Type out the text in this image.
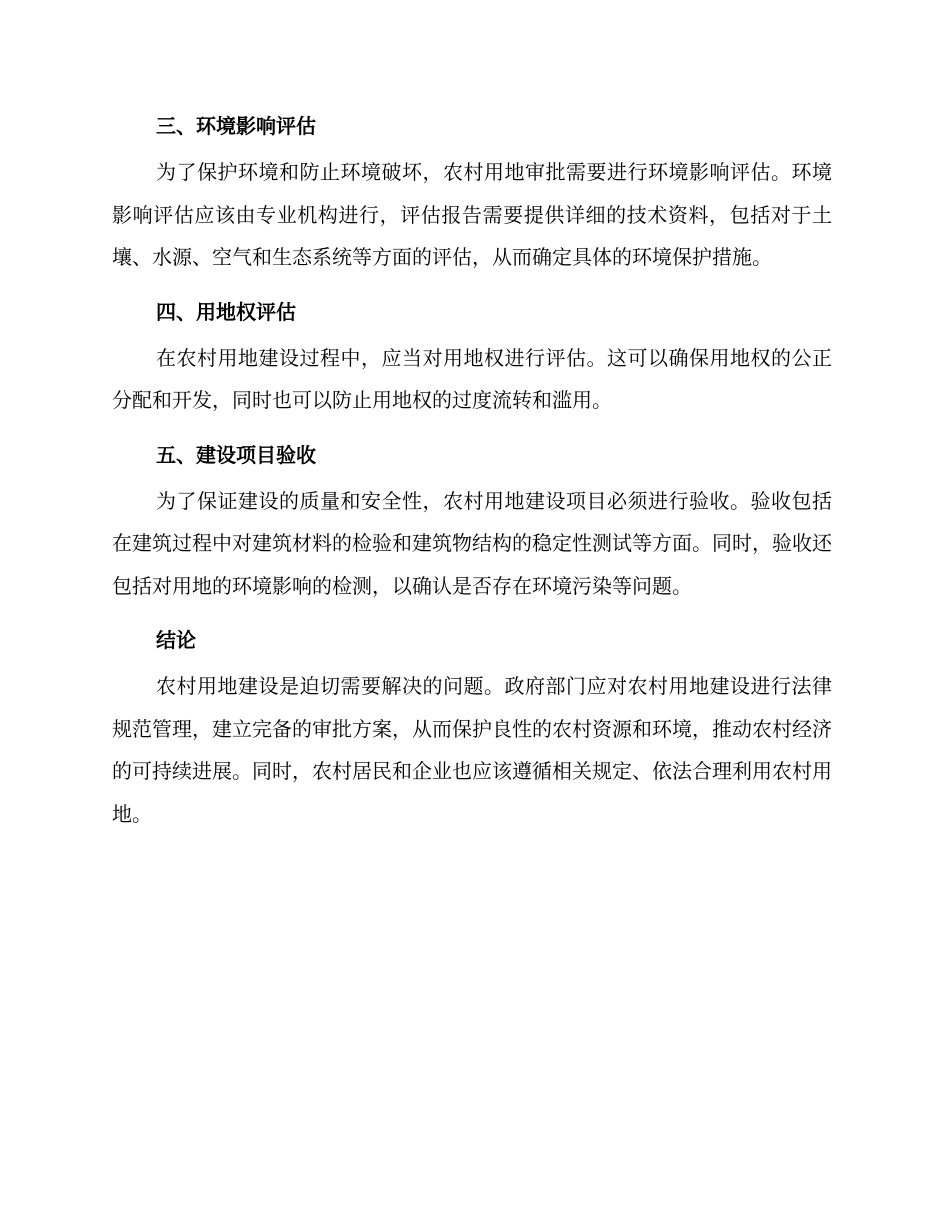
三、环境影响评估

为了保护环境和防止环境破坏，农村用地审批需要进行环境影响评估。环境影响评估应该由专业机构进行，评估报告需要提供详细的技术资料，包括对于土壤、水源、空气和生态系统等方面的评估，从而确定具体的环境保护措施。

四、用地权评估

在农村用地建设过程中，应当对用地权进行评估。这可以确保用地权的公正分配和开发，同时也可以防止用地权的过度流转和滥用。

五、建设项目验收

为了保证建设的质量和安全性，农村用地建设项目必须进行验收。验收包括在建筑过程中对建筑材料的检验和建筑物结构的稳定性测试等方面。同时，验收还包括对用地的环境影响的检测，以确认是否存在环境污染等问题。

结论

农村用地建设是迫切需要解决的问题。政府部门应对农村用地建设进行法律规范管理，建立完备的审批方案，从而保护良性的农村资源和环境，推动农村经济的可持续进展。同时，农村居民和企业也应该遵循相关规定、依法合理利用农村用地。
